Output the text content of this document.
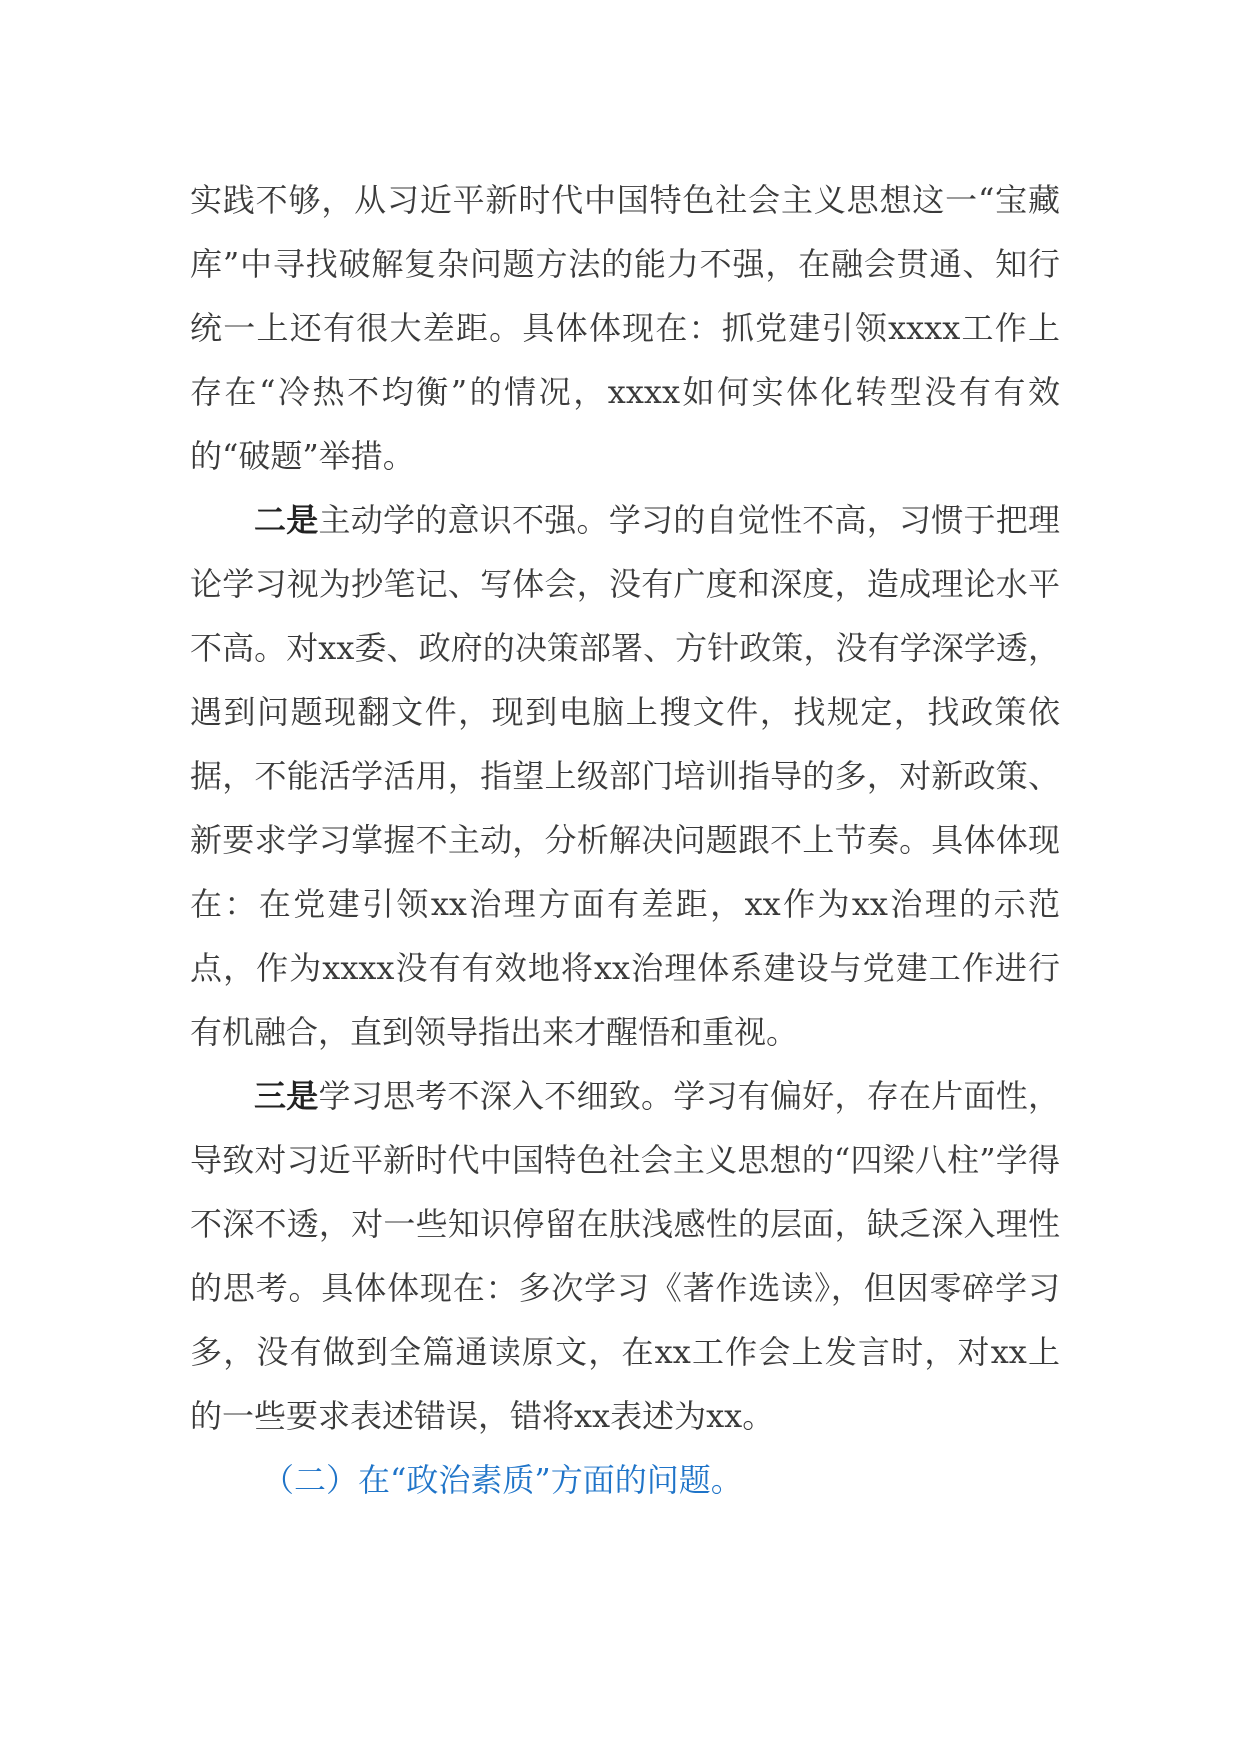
实践不够，从习近平新时代中国特色社会主义思想这一“宝藏库”中寻找破解复杂问题方法的能力不强，在融会贯通、知行统一上还有很大差距。具体体现在：抓党建引领xxxx工作上存在“冷热不均衡”的情况，xxxx如何实体化转型没有有效的“破题”举措。

二是主动学的意识不强。学习的自觉性不高，习惯于把理论学习视为抄笔记、写体会，没有广度和深度，造成理论水平不高。对xx委、政府的决策部署、方针政策，没有学深学透，遇到问题现翻文件，现到电脑上搜文件，找规定，找政策依据，不能活学活用，指望上级部门培训指导的多，对新政策、新要求学习掌握不主动，分析解决问题跟不上节奏。具体体现在：在党建引领xx治理方面有差距，xx作为xx治理的示范点，作为xxxx没有有效地将xx治理体系建设与党建工作进行有机融合，直到领导指出来才醒悟和重视。

三是学习思考不深入不细致。学习有偏好，存在片面性，导致对习近平新时代中国特色社会主义思想的“四梁八柱”学得不深不透，对一些知识停留在肤浅感性的层面，缺乏深入理性的思考。具体体现在：多次学习《著作选读》，但因零碎学习多，没有做到全篇通读原文，在xx工作会上发言时，对xx上的一些要求表述错误，错将xx表述为xx。

（二）在“政治素质”方面的问题。
